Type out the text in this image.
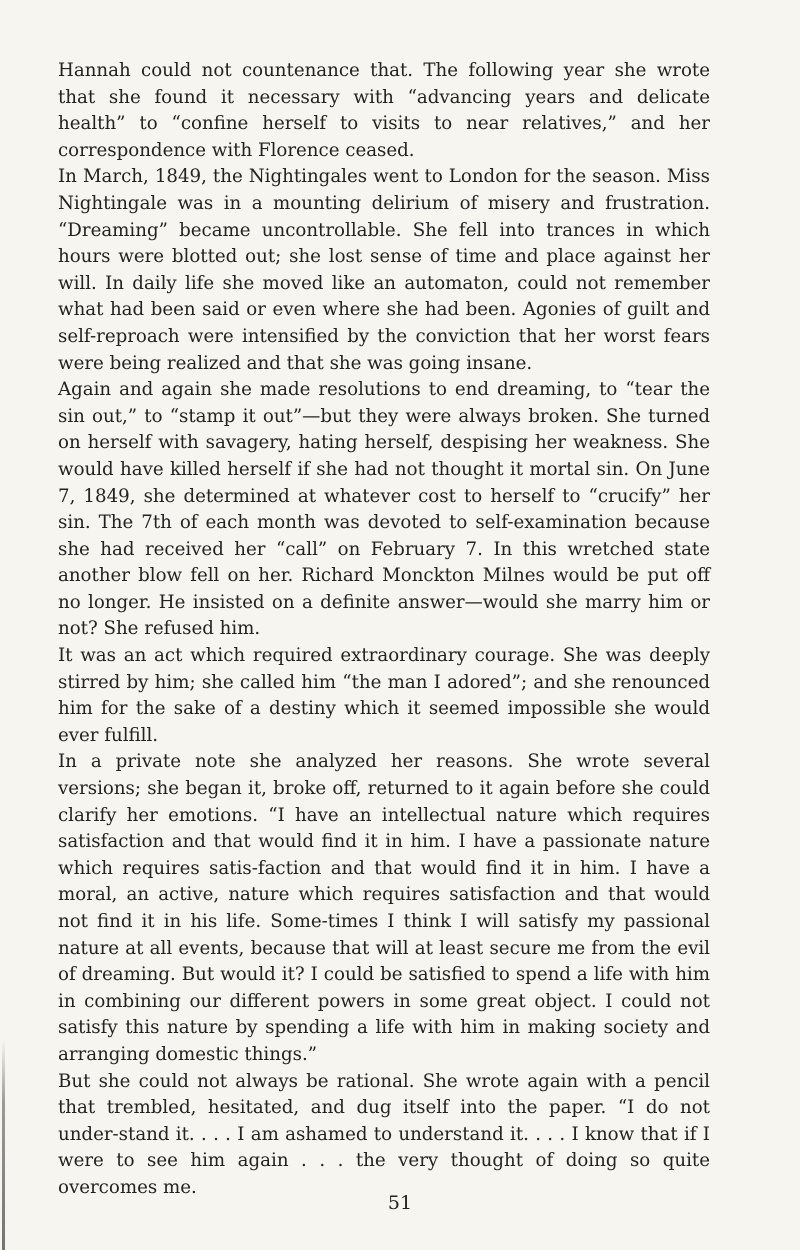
Hannah could not countenance that. The following year she wrote that she found it necessary with “advancing years and delicate health” to “confine herself to visits to near relatives,” and her correspondence with Florence ceased.

In March, 1849, the Nightingales went to London for the season. Miss Nightingale was in a mounting delirium of misery and frustration. “Dreaming” became uncontrollable. She fell into trances in which hours were blotted out; she lost sense of time and place against her will. In daily life she moved like an automaton, could not remember what had been said or even where she had been. Agonies of guilt and self-reproach were intensified by the conviction that her worst fears were being realized and that she was going insane.

Again and again she made resolutions to end dreaming, to “tear the sin out,” to “stamp it out”—but they were always broken. She turned on herself with savagery, hating herself, despising her weakness. She would have killed herself if she had not thought it mortal sin. On June 7, 1849, she determined at whatever cost to herself to “crucify” her sin. The 7th of each month was devoted to self-examination because she had received her “call” on February 7. In this wretched state another blow fell on her. Richard Monckton Milnes would be put off no longer. He insisted on a definite answer—would she marry him or not? She refused him.

It was an act which required extraordinary courage. She was deeply stirred by him; she called him “the man I adored”; and she renounced him for the sake of a destiny which it seemed impossible she would ever fulfill.

In a private note she analyzed her reasons. She wrote several versions; she began it, broke off, returned to it again before she could clarify her emotions. “I have an intellectual nature which requires satisfaction and that would find it in him. I have a passionate nature which requires satis-faction and that would find it in him. I have a moral, an active, nature which requires satisfaction and that would not find it in his life. Some-times I think I will satisfy my passional nature at all events, because that will at least secure me from the evil of dreaming. But would it? I could be satisfied to spend a life with him in combining our different powers in some great object. I could not satisfy this nature by spending a life with him in making society and arranging domestic things.”

But she could not always be rational. She wrote again with a pencil that trembled, hesitated, and dug itself into the paper. “I do not under-stand it. . . . I am ashamed to understand it. . . . I know that if I were to see him again . . . the very thought of doing so quite overcomes me.

51
